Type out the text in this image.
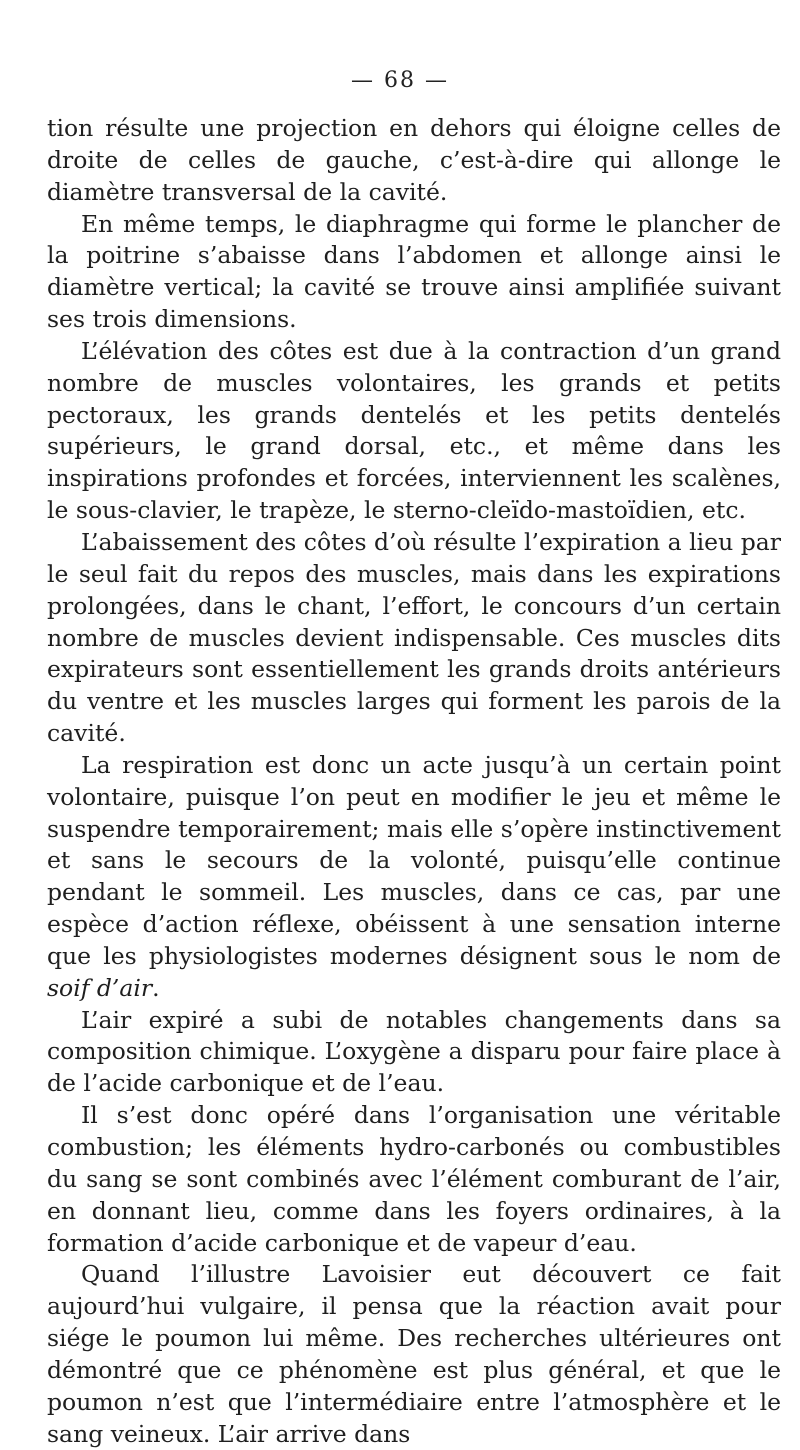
— 68 —

tion résulte une projection en dehors qui éloigne celles de droite de celles de gauche, c’est-à-dire qui allonge le diamètre transversal de la cavité.

En même temps, le diaphragme qui forme le plancher de la poitrine s’abaisse dans l’abdomen et allonge ainsi le diamètre vertical; la cavité se trouve ainsi amplifiée suivant ses trois dimensions.

L’élévation des côtes est due à la contraction d’un grand nombre de muscles volontaires, les grands et petits pectoraux, les grands dentelés et les petits dentelés supérieurs, le grand dorsal, etc., et même dans les inspirations profondes et forcées, interviennent les scalènes, le sous-clavier, le trapèze, le sterno-cleïdo-mastoïdien, etc.

L’abaissement des côtes d’où résulte l’expiration a lieu par le seul fait du repos des muscles, mais dans les expirations prolongées, dans le chant, l’effort, le concours d’un certain nombre de muscles devient indispensable. Ces muscles dits expirateurs sont essentiellement les grands droits antérieurs du ventre et les muscles larges qui forment les parois de la cavité.

La respiration est donc un acte jusqu’à un certain point volontaire, puisque l’on peut en modifier le jeu et même le suspendre temporairement; mais elle s’opère instinctivement et sans le secours de la volonté, puisqu’elle continue pendant le sommeil. Les muscles, dans ce cas, par une espèce d’action réflexe, obéissent à une sensation interne que les physiologistes modernes désignent sous le nom de soif d’air.

L’air expiré a subi de notables changements dans sa composition chimique. L’oxygène a disparu pour faire place à de l’acide carbonique et de l’eau.

Il s’est donc opéré dans l’organisation une véritable combustion; les éléments hydro-carbonés ou combustibles du sang se sont combinés avec l’élément comburant de l’air, en donnant lieu, comme dans les foyers ordinaires, à la formation d’acide carbonique et de vapeur d’eau.

Quand l’illustre Lavoisier eut découvert ce fait aujourd’hui vulgaire, il pensa que la réaction avait pour siége le poumon lui même. Des recherches ultérieures ont démontré que ce phénomène est plus général, et que le poumon n’est que l’intermédiaire entre l’atmosphère et le sang veineux. L’air arrive dans
